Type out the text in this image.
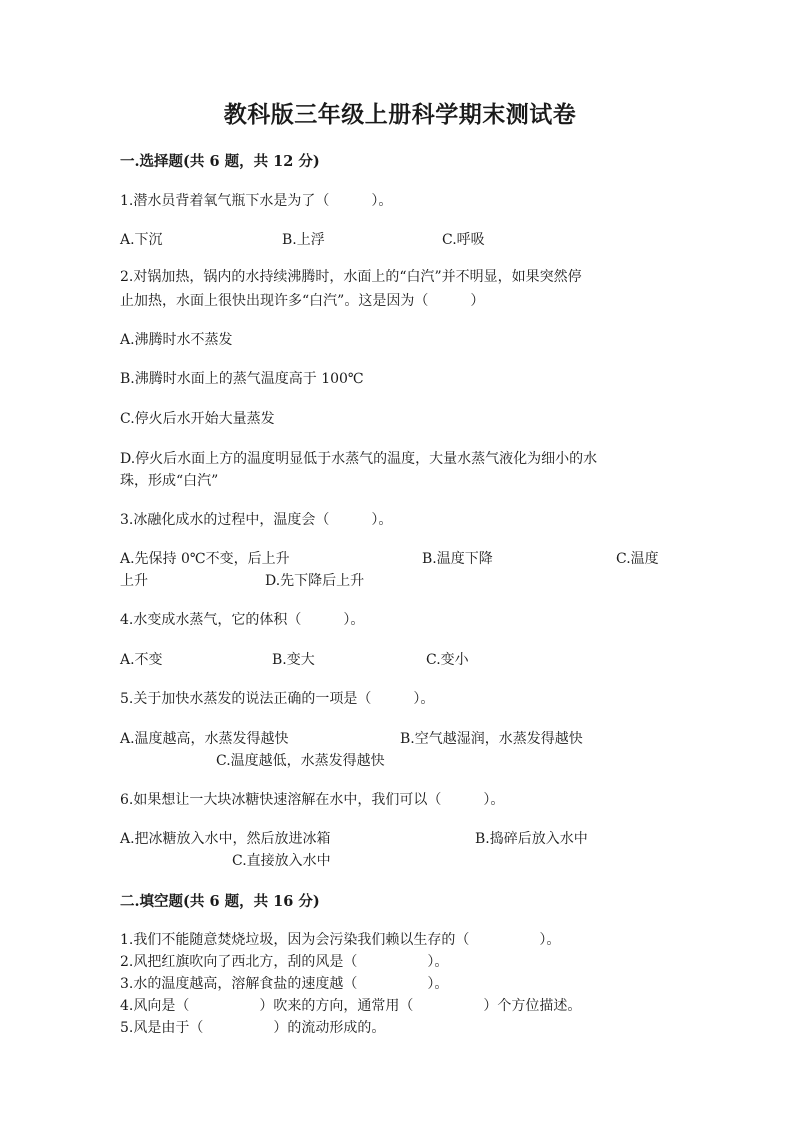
教科版三年级上册科学期末测试卷
一.选择题(共 6 题，共 12 分)
1.潜水员背着氧气瓶下水是为了（　　　）。
A.下沉	B.上浮	C.呼吸
2.对锅加热，锅内的水持续沸腾时，水面上的“白汽”并不明显，如果突然停
止加热，水面上很快出现许多“白汽”。这是因为（　　　）
A.沸腾时水不蒸发
B.沸腾时水面上的蒸气温度高于 100℃
C.停火后水开始大量蒸发
D.停火后水面上方的温度明显低于水蒸气的温度，大量水蒸气液化为细小的水
珠，形成“白汽”
3.冰融化成水的过程中，温度会（　　　）。
A.先保持 0℃不变，后上升	B.温度下降	C.温度
上升	D.先下降后上升
4.水变成水蒸气，它的体积（　　　）。
A.不变	B.变大	C.变小
5.关于加快水蒸发的说法正确的一项是（　　　）。
A.温度越高，水蒸发得越快	B.空气越湿润，水蒸发得越快
C.温度越低，水蒸发得越快
6.如果想让一大块冰糖快速溶解在水中，我们可以（　　　）。
A.把冰糖放入水中，然后放进冰箱	B.捣碎后放入水中
C.直接放入水中
二.填空题(共 6 题，共 16 分)
1.我们不能随意焚烧垃圾，因为会污染我们赖以生存的（　　　　　）。
2.风把红旗吹向了西北方，刮的风是（　　　　　）。
3.水的温度越高，溶解食盐的速度越（　　　　　）。
4.风向是（　　　　　）吹来的方向，通常用（　　　　　）个方位描述。
5.风是由于（　　　　　）的流动形成的。
